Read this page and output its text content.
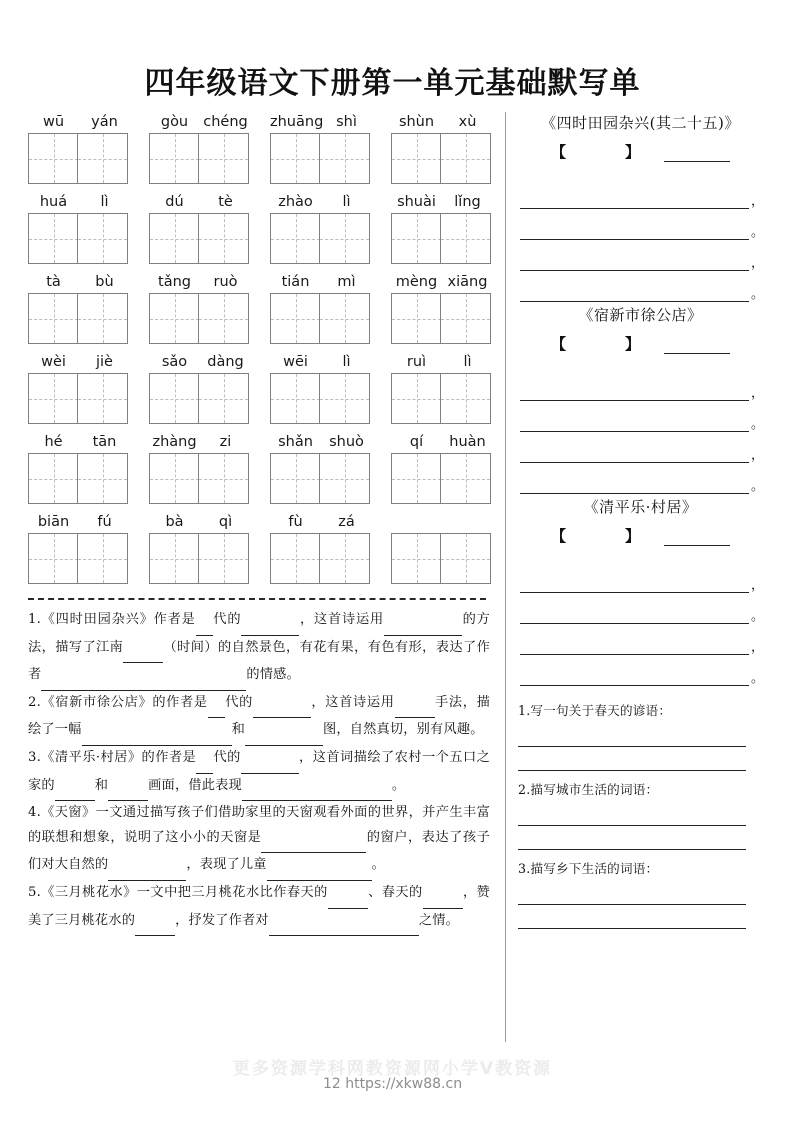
四年级语文下册第一单元基础默写单
wū	yán	gòu	chéng zhuāng shì	shùn	xù
huá	lì	dú	tè	zhào	lì	shuài	lǐng
tà	bù	tǎng	ruò	tián	mì	mèng xiāng
wèi	jiè	sǎo	dàng	wēi	lì	ruì	lì
hé	tān	zhàng	zi	shǎn	shuò	qí	huàn
biān	fú	bà	qì	fù	zá

1.《四时田园杂兴》作者是 代的	，这首诗运用	的方法，描写了江南	（时间）的自然景色，有花有果，有色有形，表达了作者	的情感。

2.《宿新市徐公店》的作者是 代的	，这首诗运用	手法，描绘了一幅	和	图，自然真切，别有风趣。

3.《清平乐·村居》的作者是 代的	，这首词描绘了农村一个五口之家的	和	画面，借此表现	。

4.《天窗》一文通过描写孩子们借助家里的天窗观看外面的世界，并产生丰富的联想和想象，说明了这小小的天窗是	的窗户，表达了孩子们对大自然的	，表现了儿童	。

5.《三月桃花水》一文中把三月桃花水比作春天的	、春天的	，赞美了三月桃花水的	，抒发了作者对	之情。

《四时田园杂兴(其二十五)》
【　】
，
。
，
。
《宿新市徐公店》
【　】
，
。
，
。
《清平乐·村居》
【　】
，
。
，
。
1.写一句关于春天的谚语：
2.描写城市生活的词语：
3.描写乡下生活的词语：
更多资源学科网教资源网小学V教资源
12 https://xkw88.cn
